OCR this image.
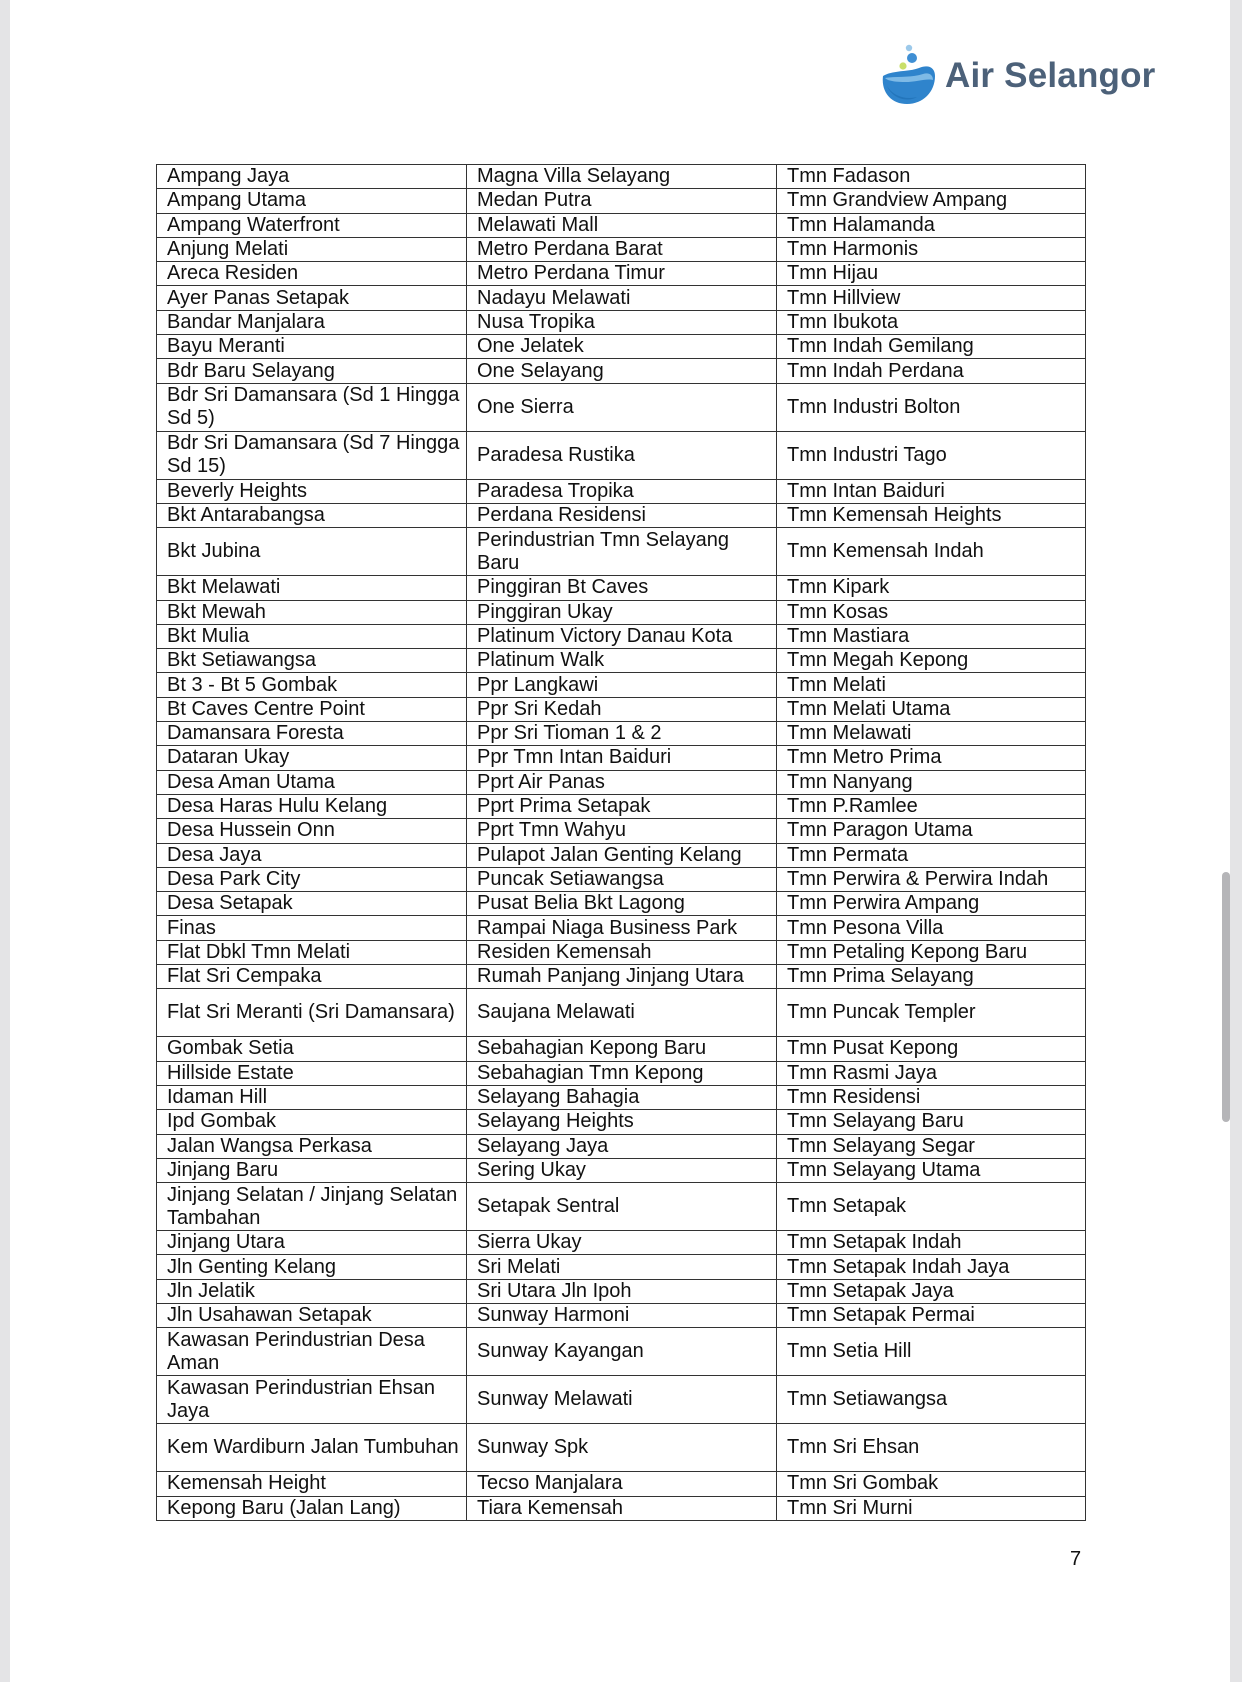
Air Selangor
Ampang Jaya	Magna Villa Selayang	Tmn Fadason
Ampang Utama	Medan Putra	Tmn Grandview Ampang
Ampang Waterfront	Melawati Mall	Tmn Halamanda
Anjung Melati	Metro Perdana Barat	Tmn Harmonis
Areca Residen	Metro Perdana Timur	Tmn Hijau
Ayer Panas Setapak	Nadayu Melawati	Tmn Hillview
Bandar Manjalara	Nusa Tropika	Tmn Ibukota
Bayu Meranti	One Jelatek	Tmn Indah Gemilang
Bdr Baru Selayang	One Selayang	Tmn Indah Perdana
Bdr Sri Damansara (Sd 1 Hingga Sd 5)	One Sierra	Tmn Industri Bolton
Bdr Sri Damansara (Sd 7 Hingga Sd 15)	Paradesa Rustika	Tmn Industri Tago
Beverly Heights	Paradesa Tropika	Tmn Intan Baiduri
Bkt Antarabangsa	Perdana Residensi	Tmn Kemensah Heights
Bkt Jubina	Perindustrian Tmn Selayang Baru	Tmn Kemensah Indah
Bkt Melawati	Pinggiran Bt Caves	Tmn Kipark
Bkt Mewah	Pinggiran Ukay	Tmn Kosas
Bkt Mulia	Platinum Victory Danau Kota	Tmn Mastiara
Bkt Setiawangsa	Platinum Walk	Tmn Megah Kepong
Bt 3 - Bt 5 Gombak	Ppr Langkawi	Tmn Melati
Bt Caves Centre Point	Ppr Sri Kedah	Tmn Melati Utama
Damansara Foresta	Ppr Sri Tioman 1 & 2	Tmn Melawati
Dataran Ukay	Ppr Tmn Intan Baiduri	Tmn Metro Prima
Desa Aman Utama	Pprt Air Panas	Tmn Nanyang
Desa Haras Hulu Kelang	Pprt Prima Setapak	Tmn P.Ramlee
Desa Hussein Onn	Pprt Tmn Wahyu	Tmn Paragon Utama
Desa Jaya	Pulapot Jalan Genting Kelang	Tmn Permata
Desa Park City	Puncak Setiawangsa	Tmn Perwira & Perwira Indah
Desa Setapak	Pusat Belia Bkt Lagong	Tmn Perwira Ampang
Finas	Rampai Niaga Business Park	Tmn Pesona Villa
Flat Dbkl Tmn Melati	Residen Kemensah	Tmn Petaling Kepong Baru
Flat Sri Cempaka	Rumah Panjang Jinjang Utara	Tmn Prima Selayang
Flat Sri Meranti (Sri Damansara)	Saujana Melawati	Tmn Puncak Templer
Gombak Setia	Sebahagian Kepong Baru	Tmn Pusat Kepong
Hillside Estate	Sebahagian Tmn Kepong	Tmn Rasmi Jaya
Idaman Hill	Selayang Bahagia	Tmn Residensi
Ipd Gombak	Selayang Heights	Tmn Selayang Baru
Jalan Wangsa Perkasa	Selayang Jaya	Tmn Selayang Segar
Jinjang Baru	Sering Ukay	Tmn Selayang Utama
Jinjang Selatan / Jinjang Selatan Tambahan	Setapak Sentral	Tmn Setapak
Jinjang Utara	Sierra Ukay	Tmn Setapak Indah
Jln Genting Kelang	Sri Melati	Tmn Setapak Indah Jaya
Jln Jelatik	Sri Utara Jln Ipoh	Tmn Setapak Jaya
Jln Usahawan Setapak	Sunway Harmoni	Tmn Setapak Permai
Kawasan Perindustrian Desa Aman	Sunway Kayangan	Tmn Setia Hill
Kawasan Perindustrian Ehsan Jaya	Sunway Melawati	Tmn Setiawangsa
Kem Wardiburn Jalan Tumbuhan	Sunway Spk	Tmn Sri Ehsan
Kemensah Height	Tecso Manjalara	Tmn Sri Gombak
Kepong Baru (Jalan Lang)	Tiara Kemensah	Tmn Sri Murni
7
